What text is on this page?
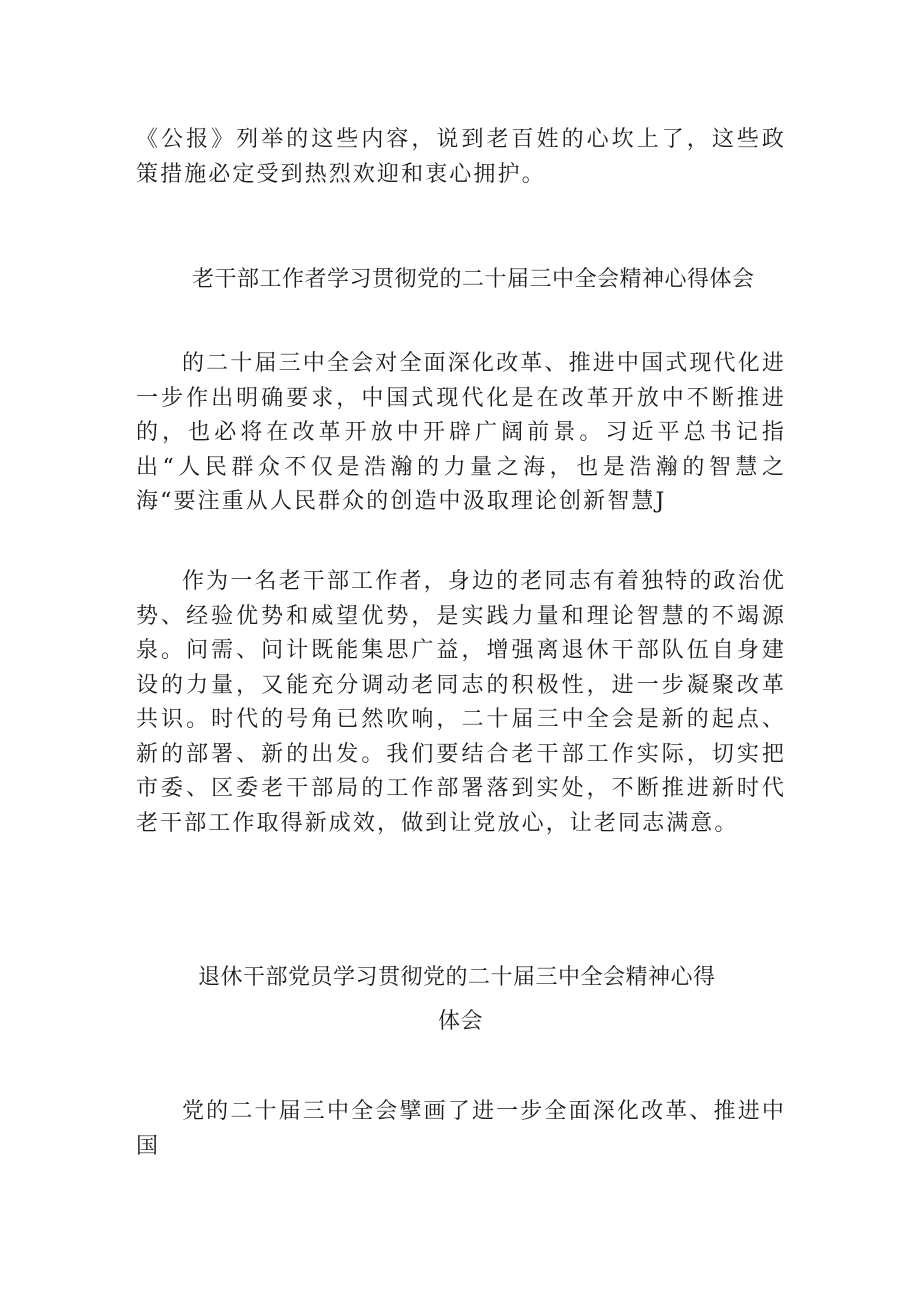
《公报》列举的这些内容，说到老百姓的心坎上了，这些政策措施必定受到热烈欢迎和衷心拥护。

老干部工作者学习贯彻党的二十届三中全会精神心得体会

的二十届三中全会对全面深化改革、推进中国式现代化进一步作出明确要求，中国式现代化是在改革开放中不断推进的，也必将在改革开放中开辟广阔前景。习近平总书记指出“人民群众不仅是浩瀚的力量之海，也是浩瀚的智慧之海“要注重从人民群众的创造中汲取理论创新智慧J

作为一名老干部工作者，身边的老同志有着独特的政治优势、经验优势和威望优势，是实践力量和理论智慧的不竭源泉。问需、问计既能集思广益，增强离退休干部队伍自身建设的力量，又能充分调动老同志的积极性，进一步凝聚改革共识。时代的号角已然吹响，二十届三中全会是新的起点、新的部署、新的出发。我们要结合老干部工作实际，切实把市委、区委老干部局的工作部署落到实处，不断推进新时代老干部工作取得新成效，做到让党放心，让老同志满意。

退休干部党员学习贯彻党的二十届三中全会精神心得
体会

党的二十届三中全会擘画了进一步全面深化改革、推进中国
